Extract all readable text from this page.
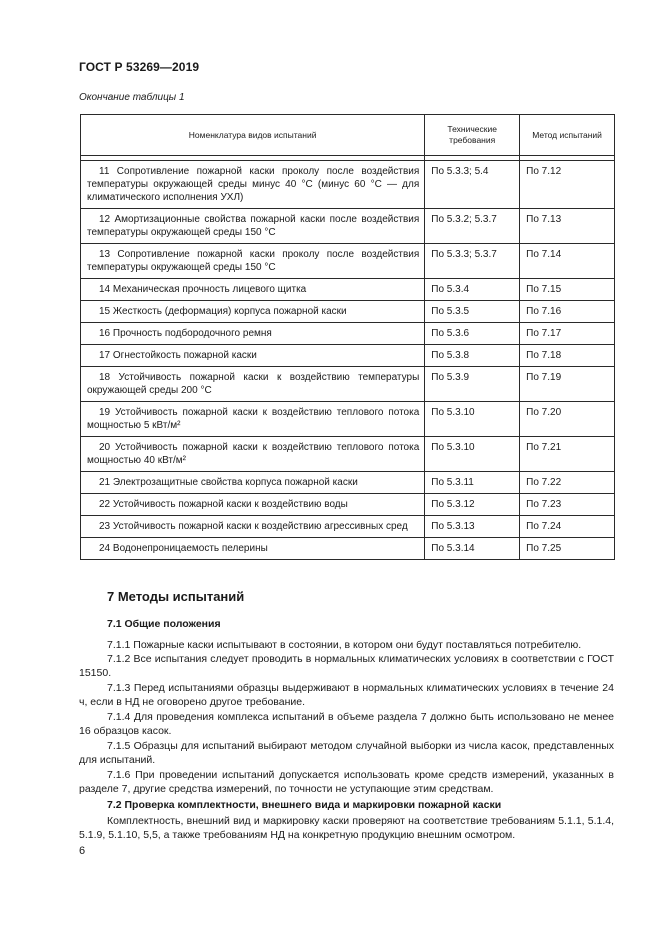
ГОСТ Р 53269—2019
Окончание таблицы 1
Номенклатура видов испытаний	Технические требования	Метод испытаний

11 Сопротивление пожарной каски проколу после воздействия температуры окружающей среды минус 40 °С (минус 60 °С — для климатического исполнения УХЛ)	По 5.3.3; 5.4	По 7.12
12 Амортизационные свойства пожарной каски после воздействия температуры окружающей среды 150 °С	По 5.3.2; 5.3.7	По 7.13
13 Сопротивление пожарной каски проколу после воздействия температуры окружающей среды 150 °С	По 5.3.3; 5.3.7	По 7.14
14 Механическая прочность лицевого щитка	По 5.3.4	По 7.15
15 Жесткость (деформация) корпуса пожарной каски	По 5.3.5	По 7.16
16 Прочность подбородочного ремня	По 5.3.6	По 7.17
17 Огнестойкость пожарной каски	По 5.3.8	По 7.18
18 Устойчивость пожарной каски к воздействию температуры окружающей среды 200 °С	По 5.3.9	По 7.19
19 Устойчивость пожарной каски к воздействию теплового потока мощностью 5 кВт/м²	По 5.3.10	По 7.20
20 Устойчивость пожарной каски к воздействию теплового потока мощностью 40 кВт/м²	По 5.3.10	По 7.21
21 Электрозащитные свойства корпуса пожарной каски	По 5.3.11	По 7.22
22 Устойчивость пожарной каски к воздействию воды	По 5.3.12	По 7.23
23 Устойчивость пожарной каски к воздействию агрессивных сред	По 5.3.13	По 7.24
24 Водонепроницаемость пелерины	По 5.3.14	По 7.25
7 Методы испытаний
7.1 Общие положения
7.1.1 Пожарные каски испытывают в состоянии, в котором они будут поставляться потребителю.
7.1.2 Все испытания следует проводить в нормальных климатических условиях в соответствии с ГОСТ 15150.
7.1.3 Перед испытаниями образцы выдерживают в нормальных климатических условиях в течение 24 ч, если в НД не оговорено другое требование.
7.1.4 Для проведения комплекса испытаний в объеме раздела 7 должно быть использовано не менее 16 образцов касок.
7.1.5 Образцы для испытаний выбирают методом случайной выборки из числа касок, представленных для испытаний.
7.1.6 При проведении испытаний допускается использовать кроме средств измерений, указанных в разделе 7, другие средства измерений, по точности не уступающие этим средствам.
7.2 Проверка комплектности, внешнего вида и маркировки пожарной каски
Комплектность, внешний вид и маркировку каски проверяют на соответствие требованиям 5.1.1, 5.1.4, 5.1.9, 5.1.10, 5,5, а также требованиям НД на конкретную продукцию внешним осмотром.
6
